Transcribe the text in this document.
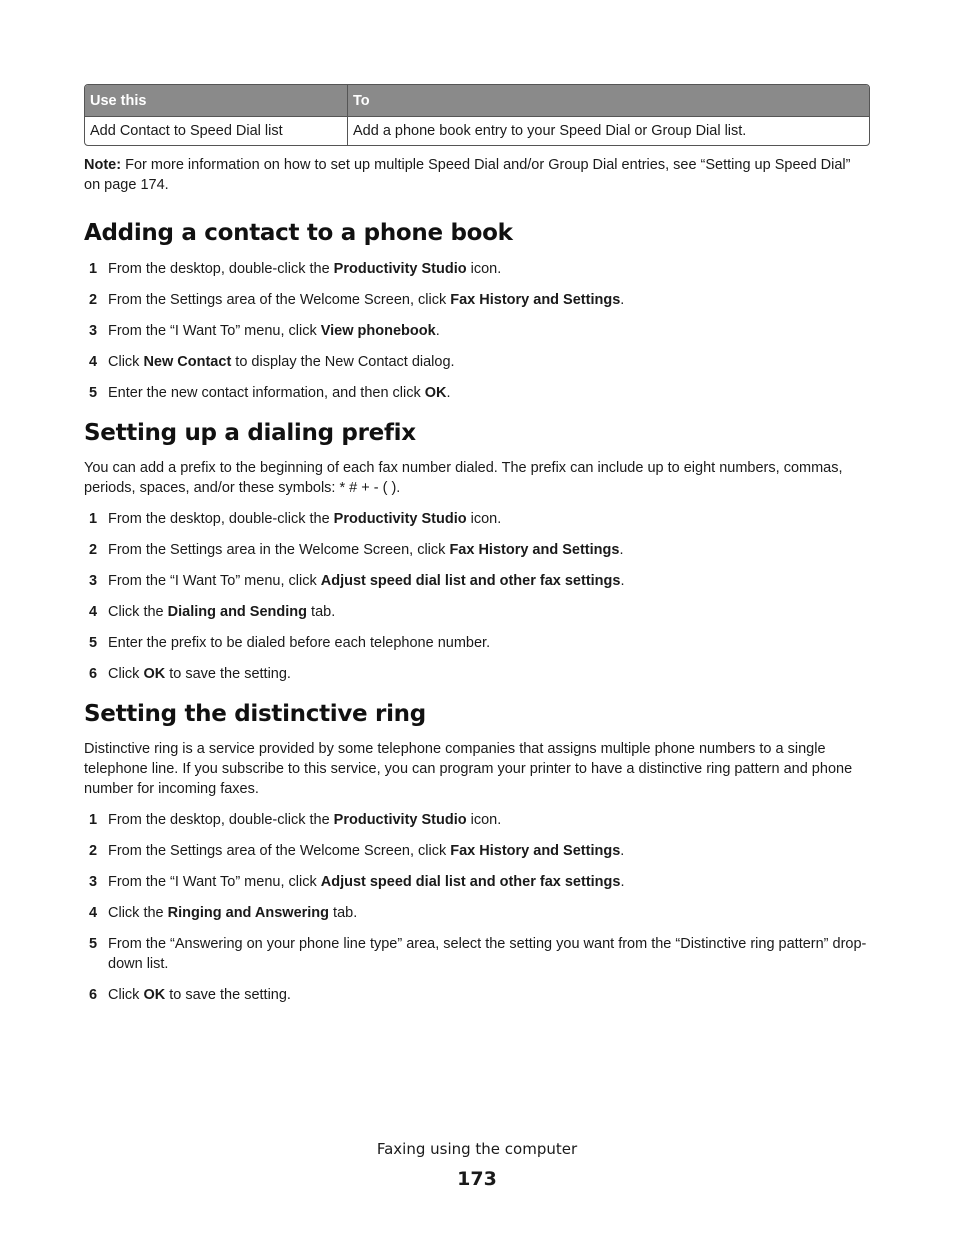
Use this	To
Add Contact to Speed Dial list	Add a phone book entry to your Speed Dial or Group Dial list.
Note: For more information on how to set up multiple Speed Dial and/or Group Dial entries, see “Setting up Speed Dial” on page 174.
Adding a contact to a phone book
1 From the desktop, double-click the Productivity Studio icon.
2 From the Settings area of the Welcome Screen, click Fax History and Settings.
3 From the “I Want To” menu, click View phonebook.
4 Click New Contact to display the New Contact dialog.
5 Enter the new contact information, and then click OK.
Setting up a dialing prefix
You can add a prefix to the beginning of each fax number dialed. The prefix can include up to eight numbers, commas, periods, spaces, and/or these symbols: * # + - ( ).
1 From the desktop, double-click the Productivity Studio icon.
2 From the Settings area in the Welcome Screen, click Fax History and Settings.
3 From the “I Want To” menu, click Adjust speed dial list and other fax settings.
4 Click the Dialing and Sending tab.
5 Enter the prefix to be dialed before each telephone number.
6 Click OK to save the setting.
Setting the distinctive ring
Distinctive ring is a service provided by some telephone companies that assigns multiple phone numbers to a single telephone line. If you subscribe to this service, you can program your printer to have a distinctive ring pattern and phone number for incoming faxes.
1 From the desktop, double-click the Productivity Studio icon.
2 From the Settings area of the Welcome Screen, click Fax History and Settings.
3 From the “I Want To” menu, click Adjust speed dial list and other fax settings.
4 Click the Ringing and Answering tab.
5 From the “Answering on your phone line type” area, select the setting you want from the “Distinctive ring pattern” drop-down list.
6 Click OK to save the setting.
Faxing using the computer
173
